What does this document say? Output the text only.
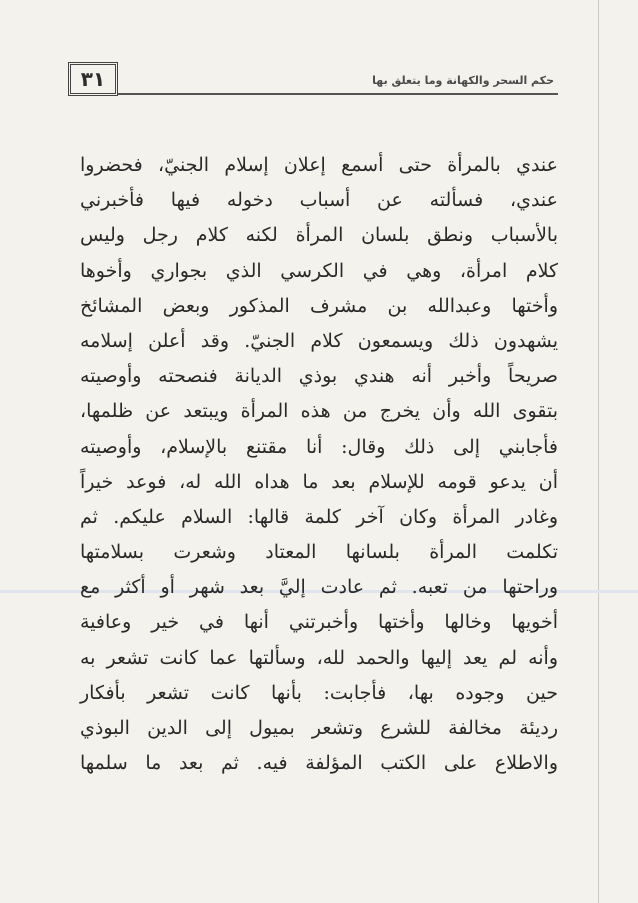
٣١	حكم السحر والكهانة وما يتعلق بها
عندي بالمرأة حتى أسمع إعلان إسلام الجنيّ، فحضروا
عندي، فسألته عن أسباب دخوله فيها فأخبرني
بالأسباب ونطق بلسان المرأة لكنه كلام رجل وليس
كلام امرأة، وهي في الكرسي الذي بجواري وأخوها
وأختها وعبدالله بن مشرف المذكور وبعض المشائخ
يشهدون ذلك ويسمعون كلام الجنيّ. وقد أعلن إسلامه
صريحاً وأخبر أنه هندي بوذي الديانة فنصحته وأوصيته
بتقوى الله وأن يخرج من هذه المرأة ويبتعد عن ظلمها،
فأجابني إلى ذلك وقال: أنا مقتنع بالإسلام، وأوصيته
أن يدعو قومه للإسلام بعد ما هداه الله له، فوعد خيراً
وغادر المرأة وكان آخر كلمة قالها: السلام عليكم. ثم
تكلمت المرأة بلسانها المعتاد وشعرت بسلامتها
وراحتها من تعبه. ثم عادت إليَّ بعد شهر أو أكثر مع
أخويها وخالها وأختها وأخبرتني أنها في خير وعافية
وأنه لم يعد إليها والحمد لله، وسألتها عما كانت تشعر به
حين وجوده بها، فأجابت: بأنها كانت تشعر بأفكار
رديئة مخالفة للشرع وتشعر بميول إلى الدين البوذي
والاطلاع على الكتب المؤلفة فيه. ثم بعد ما سلمها
